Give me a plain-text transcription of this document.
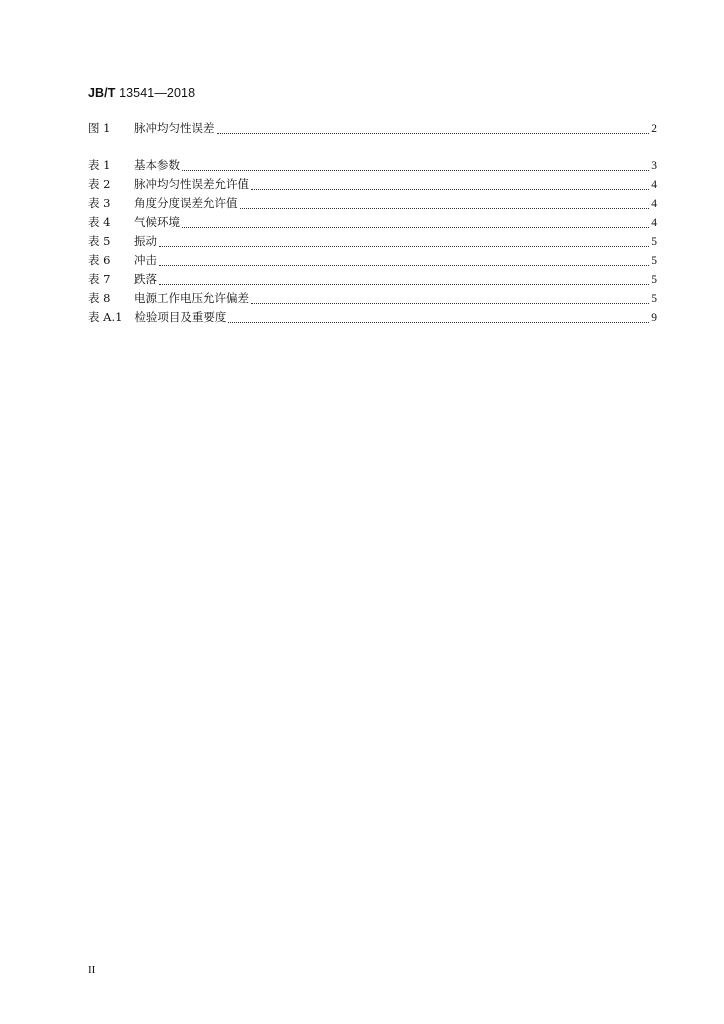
JB/T 13541—2018
图 1	脉冲均匀性误差	2
表 1	基本参数	3
表 2	脉冲均匀性误差允许值	4
表 3	角度分度误差允许值	4
表 4	气候环境	4
表 5	振动	5
表 6	冲击	5
表 7	跌落	5
表 8	电源工作电压允许偏差	5
表 A.1	检验项目及重要度	9
II
